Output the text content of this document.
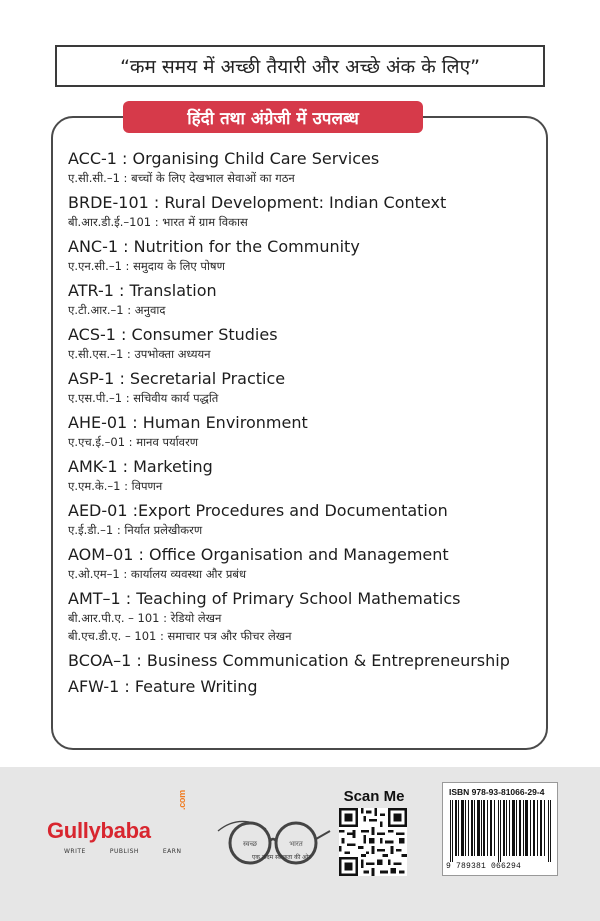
“कम समय में अच्छी तैयारी और अच्छे अंक के लिए”
हिंदी तथा अंग्रेजी में उपलब्ध
ACC-1 : Organising Child Care Services
ए.सी.सी.–1 : बच्चों के लिए देखभाल सेवाओं का गठन
BRDE-101 : Rural Development: Indian Context
बी.आर.डी.ई.–101 : भारत में ग्राम विकास
ANC-1 : Nutrition for the Community
ए.एन.सी.–1 : समुदाय के लिए पोषण
ATR-1 : Translation
ए.टी.आर.–1 : अनुवाद
ACS-1 : Consumer Studies
ए.सी.एस.–1 : उपभोक्ता अध्ययन
ASP-1 : Secretarial Practice
ए.एस.पी.–1 : सचिवीय कार्य पद्धति
AHE-01 : Human Environment
ए.एच.ई.–01 : मानव पर्यावरण
AMK-1 : Marketing
ए.एम.के.–1 : विपणन
AED-01 :Export Procedures and Documentation
ए.ई.डी.–1 : निर्यात प्रलेखीकरण
AOM–01 : Office Organisation and Management
ए.ओ.एम–1 : कार्यालय व्यवस्था और प्रबंध
AMT–1 : Teaching of Primary School Mathematics
बी.आर.पी.ए. – 101 : रेडियो लेखन
बी.एच.डी.ए. – 101 : समाचार पत्र और फीचर लेखन
BCOA–1 : Business Communication & Entrepreneurship
AFW-1 : Feature Writing
Gullybaba
.com
WRITE	PUBLISH	EARN
स्वच्छ	भारत
एक कदम स्वच्छता की ओर
Scan Me	ISBN 978-93-81066-29-4
9 789381 066294
